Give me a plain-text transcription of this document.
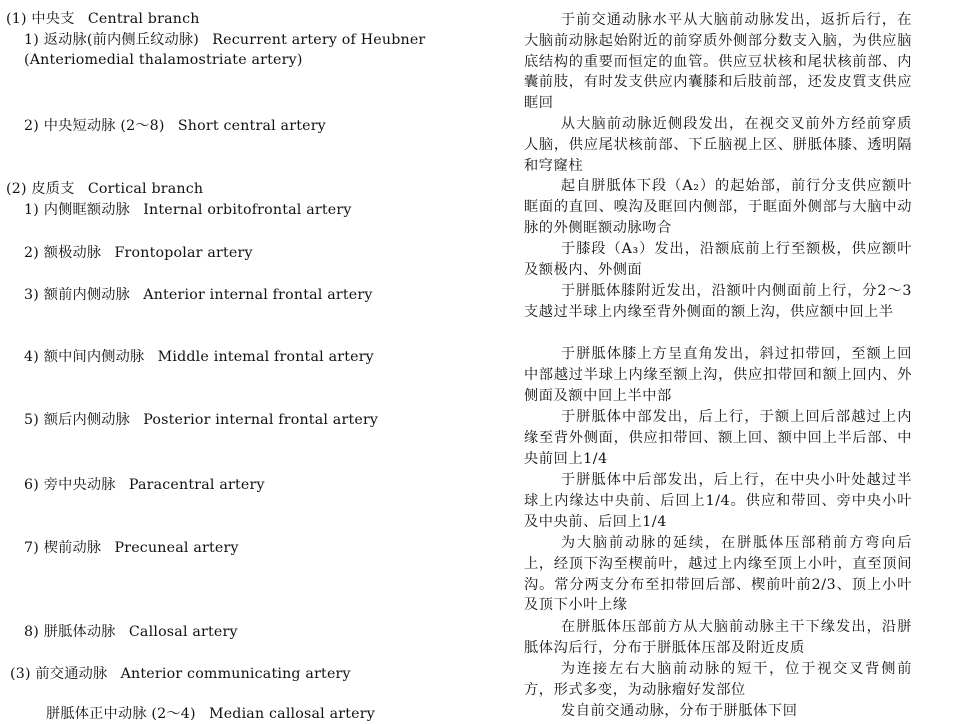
(1) 中央支 Central branch

1) 返动脉(前内侧丘纹动脉) Recurrent artery of Heubner (Anteriomedial thalamostriate artery)

2) 中央短动脉 (2～8) Short central artery

(2) 皮质支 Cortical branch

1) 内侧眶额动脉 Internal orbitofrontal artery

2) 额极动脉 Frontopolar artery

3) 额前内侧动脉 Anterior internal frontal artery

4) 额中间内侧动脉 Middle intemal frontal artery

5) 额后内侧动脉 Posterior internal frontal artery

6) 旁中央动脉 Paracentral artery

7) 楔前动脉 Precuneal artery

8) 胼胝体动脉 Callosal artery

(3) 前交通动脉 Anterior communicating artery

胼胝体正中动脉 (2～4) Median callosal artery

于前交通动脉水平从大脑前动脉发出，返折后行，在大脑前动脉起始附近的前穿质外侧部分数支入脑，为供应脑底结构的重要而恒定的血管。供应豆状核和尾状核前部、内囊前肢，有时发支供应内囊膝和后肢前部，还发皮質支供应眶回

从大脑前动脉近侧段发出，在视交叉前外方经前穿质人脑，供应尾状核前部、下丘脑视上区、胼胝体膝、透明隔和穹窿柱

起自胼胝体下段（A₂）的起始部，前行分支供应额叶眶面的直回、嗅沟及眶回内侧部，于眶面外侧部与大脑中动脉的外侧眶额动脉吻合

于膝段（A₃）发出，沿额底前上行至额极，供应额叶及额极内、外侧面

于胼胝体膝附近发出，沿额叶内侧面前上行，分2～3支越过半球上内缘至背外侧面的额上沟，供应额中回上半

于胼胝体膝上方呈直角发出，斜过扣带回，至额上回中部越过半球上内缘至额上沟，供应扣带回和额上回内、外侧面及额中回上半中部

于胼胝体中部发出，后上行，于额上回后部越过上内缘至背外侧面，供应扣带回、额上回、额中回上半后部、中央前回上1/4

于胼胝体中后部发出，后上行，在中央小叶处越过半球上内缘达中央前、后回上1/4。供应和带回、旁中央小叶及中央前、后回上1/4

为大脑前动脉的延续，在胼胝体压部稍前方弯向后上，经顶下沟至楔前叶，越过上内缘至顶上小叶，直至顶间沟。常分两支分布至扣带回后部、楔前叶前2/3、顶上小叶及顶下小叶上缘

在胼胝体压部前方从大脑前动脉主干下缘发出，沿胼胝体沟后行，分布于胼胝体压部及附近皮质

为连接左右大脑前动脉的短干，位于视交叉背侧前方，形式多变，为动脉瘤好发部位

发自前交通动脉，分布于胼胝体下回
